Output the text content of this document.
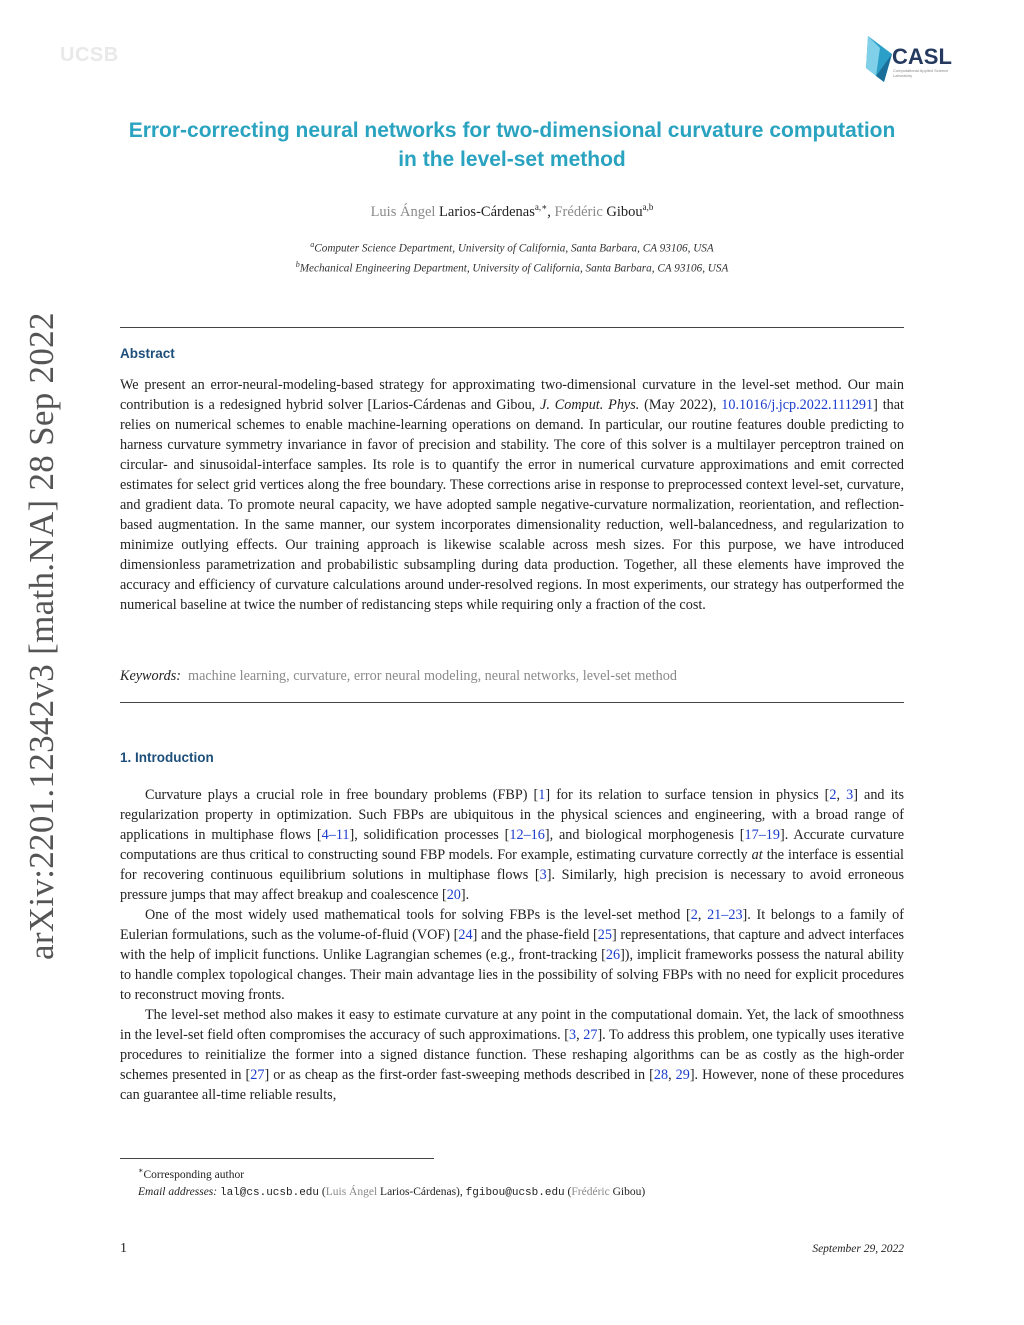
UCSB	CASL
Computational Applied Science Laboratory
arXiv:2201.12342v3 [math.NA] 28 Sep 2022
Error-correcting neural networks for two-dimensional curvature computation in the level-set method
Luis Ángel Larios-Cárdenas$^{a,∗}$, Frédéric Gibou$^{a,b}$
$^a$Computer Science Department, University of California, Santa Barbara, CA 93106, USA
$^b$Mechanical Engineering Department, University of California, Santa Barbara, CA 93106, USA
Abstract
We present an error-neural-modeling-based strategy for approximating two-dimensional curvature in the level-set method. Our main contribution is a redesigned hybrid solver [Larios-Cárdenas and Gibou, J. Comput. Phys. (May 2022), 10.1016/j.jcp.2022.111291] that relies on numerical schemes to enable machine-learning operations on demand. In particular, our routine features double predicting to harness curvature symmetry invariance in favor of precision and stability. The core of this solver is a multilayer perceptron trained on circular- and sinusoidal-interface samples. Its role is to quantify the error in numerical curvature approximations and emit corrected estimates for select grid vertices along the free boundary. These corrections arise in response to preprocessed context level-set, curvature, and gradient data. To promote neural capacity, we have adopted sample negative-curvature normalization, reorientation, and reflection-based augmentation. In the same manner, our system incorporates dimensionality reduction, well-balancedness, and regularization to minimize outlying effects. Our training approach is likewise scalable across mesh sizes. For this purpose, we have introduced dimensionless parametrization and probabilistic subsampling during data production. Together, all these elements have improved the accuracy and efficiency of curvature calculations around under-resolved regions. In most experiments, our strategy has outperformed the numerical baseline at twice the number of redistancing steps while requiring only a fraction of the cost.
Keywords: machine learning, curvature, error neural modeling, neural networks, level-set method
1. Introduction

Curvature plays a crucial role in free boundary problems (FBP) [1] for its relation to surface tension in physics [2, 3] and its regularization property in optimization. Such FBPs are ubiquitous in the physical sciences and engineering, with a broad range of applications in multiphase flows [4–11], solidification processes [12–16], and biological morphogenesis [17–19]. Accurate curvature computations are thus critical to constructing sound FBP models. For example, estimating curvature correctly at the interface is essential for recovering continuous equilibrium solutions in multiphase flows [3]. Similarly, high precision is necessary to avoid erroneous pressure jumps that may affect breakup and coalescence [20].

One of the most widely used mathematical tools for solving FBPs is the level-set method [2, 21–23]. It belongs to a family of Eulerian formulations, such as the volume-of-fluid (VOF) [24] and the phase-field [25] representations, that capture and advect interfaces with the help of implicit functions. Unlike Lagrangian schemes (e.g., front-tracking [26]), implicit frameworks possess the natural ability to handle complex topological changes. Their main advantage lies in the possibility of solving FBPs with no need for explicit procedures to reconstruct moving fronts.

The level-set method also makes it easy to estimate curvature at any point in the computational domain. Yet, the lack of smoothness in the level-set field often compromises the accuracy of such approximations. [3, 27]. To address this problem, one typically uses iterative procedures to reinitialize the former into a signed distance function. These reshaping algorithms can be as costly as the high-order schemes presented in [27] or as cheap as the first-order fast-sweeping methods described in [28, 29]. However, none of these procedures can guarantee all-time reliable results,

∗Corresponding author
Email addresses: lal@cs.ucsb.edu (Luis Ángel Larios-Cárdenas), fgibou@ucsb.edu (Frédéric Gibou)
1	September 29, 2022
